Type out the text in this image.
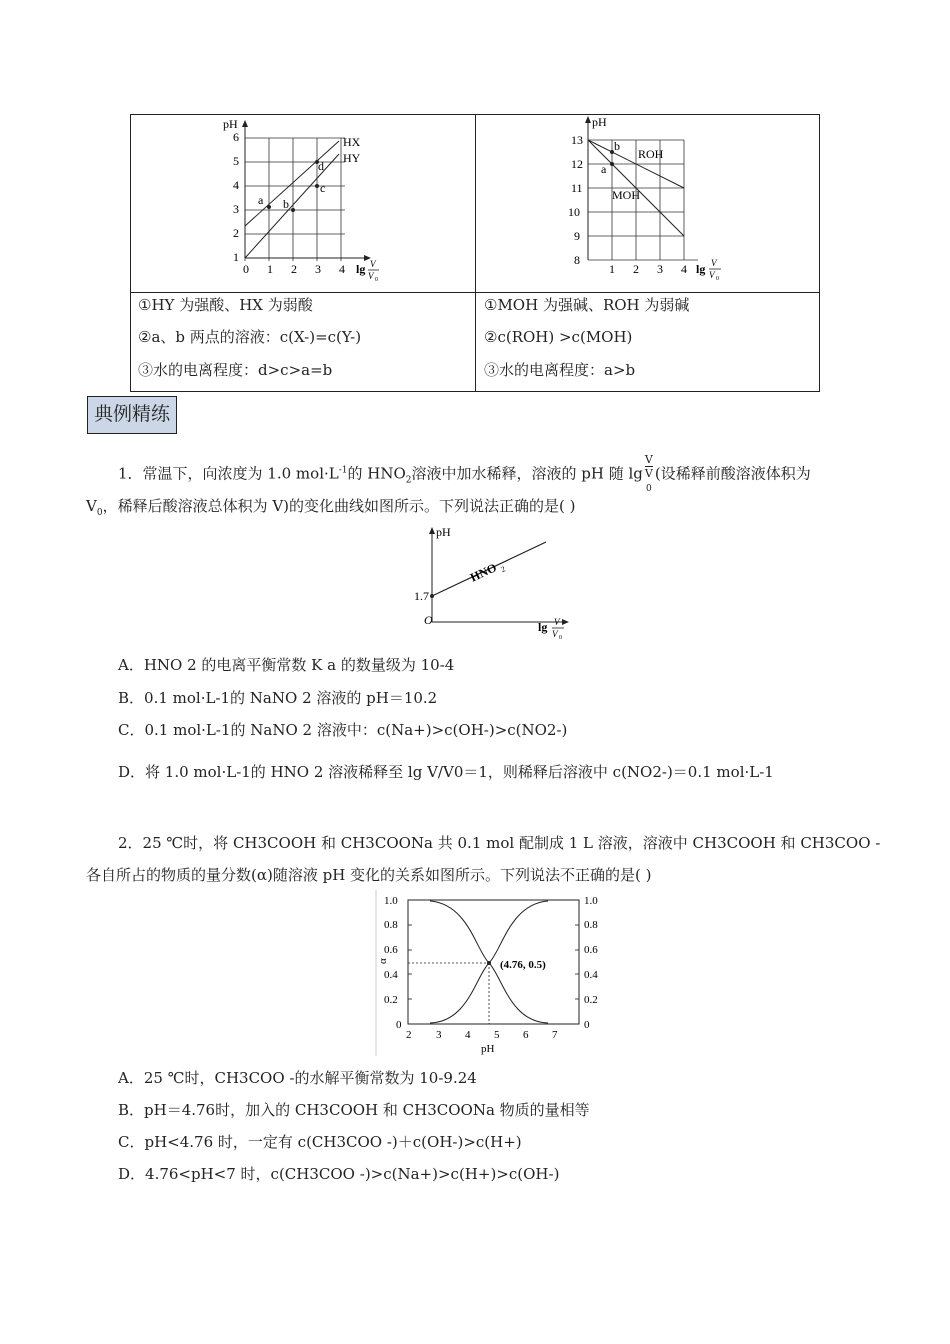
pH
6
5
4
3
2
1
0 1 2 3 4 lg V
V 0
HX
HY
a b
c
d
pH
13
12
11
10
9
8
1 2 3 4 lg V
V 0
ROH
MOH
b
a
①HY 为强酸、HX 为弱酸
②a、b 两点的溶液：c(X-)=c(Y-)
③水的电离程度：d>c>a=b
①MOH 为强碱、ROH 为弱碱
②c(ROH) >c(MOH)
③水的电离程度：a>b
典例精练
1．常温下，向浓度为 1.0 $mol\cdot L^{-1}$的 $HNO_2$溶液中加水稀释，溶液的 pH 随 lg V
V
$_0$ (设稀释前酸溶液体积为
$V_0$，稀释后酸溶液总体积为 V)的变化曲线如图所示。下列说法正确的是( )
pH
1.7
O
HNO 2
lg V
V 0
A．HNO 2 的电离平衡常数 K a 的数量级为 10-4
B．0.1 mol·L-1的 NaNO 2 溶液的 pH＝10.2
C．0.1 mol·L-1的 NaNO 2 溶液中：c(Na+)>c(OH-)>c(NO2-)
D．将 1.0 mol·L-1的 HNO 2 溶液稀释至 lg V/V0＝1，则稀释后溶液中 c(NO2-)＝0.1 mol·L-1
2．25 ℃时，将 CH3COOH 和 CH3COONa 共 0.1 mol 配制成 1 L 溶液，溶液中 CH3COOH 和 CH3COO -
各自所占的物质的量分数(α)随溶液 pH 变化的关系如图所示。下列说法不正确的是( )
1.0
0.8
0.6
0.4
0.2
0
1.0
0.8
0.6
0.4
0.2
0
α
2 3 4 5 6 7
pH
(4.76, 0.5)
A．25 ℃时，CH3COO -的水解平衡常数为 10-9.24
B．pH＝4.76时，加入的 CH3COOH 和 CH3COONa 物质的量相等
C．pH<4.76 时，一定有 c(CH3COO -)＋c(OH-)>c(H+)
D．4.76<pH<7 时，c(CH3COO -)>c(Na+)>c(H+)>c(OH-)
